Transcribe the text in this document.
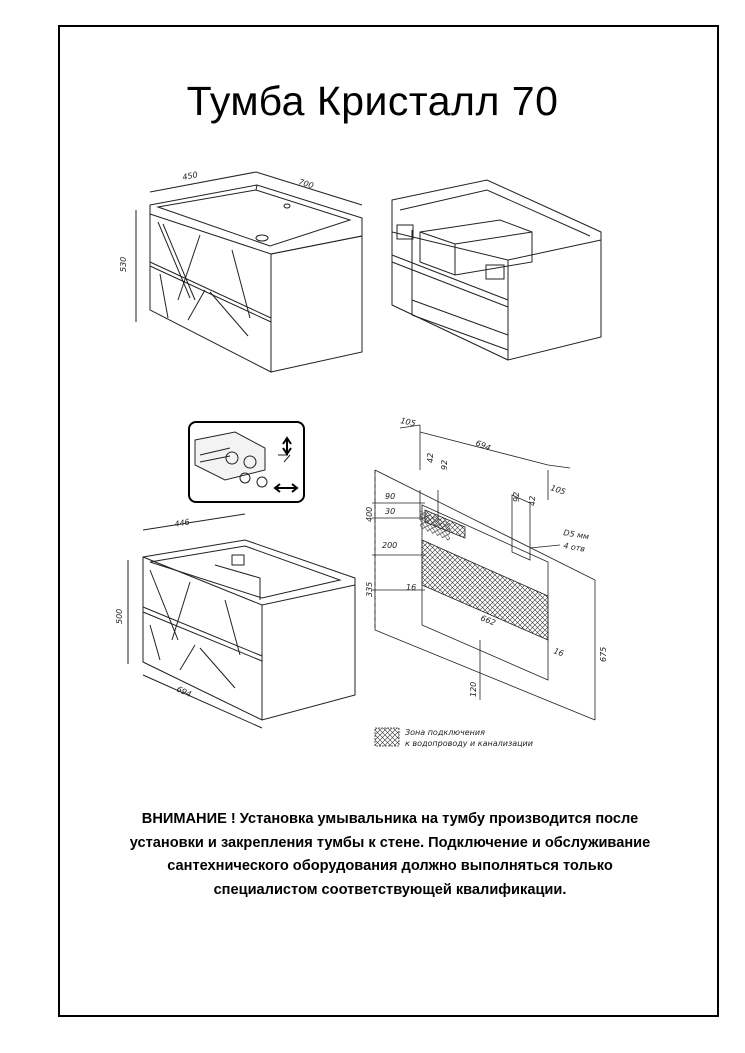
Тумба Кристалл 70
450
700
530
446
500
694
105
694
42
92
105
92 42
90
30
400
200
335	16
662
16	675
120
D5 мм
4 отв
Зона подключения
к водопроводу и канализации
ВНИМАНИЕ ! Установка умывальника на тумбу производится после
установки и закрепления тумбы к стене. Подключение и обслуживание
сантехнического оборудования должно выполняться только
специалистом соответствующей квалификации.
